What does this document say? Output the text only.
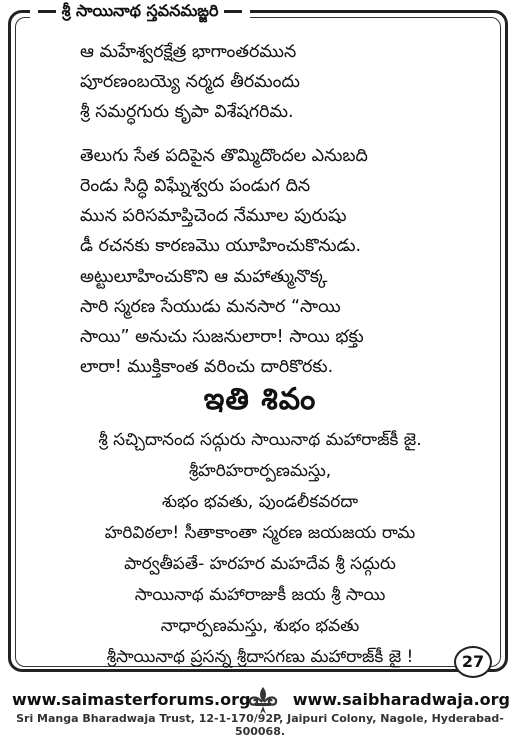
శ్రీ సాయినాథ స్తవనమఙ్జరి
ఆ మహేశ్వరక్షేత్ర భాగాంతరమున
పూరణంబయ్యె నర్మద తీరమందు
శ్రీ సమర్ధగురు కృపా విశేషగరిమ.
తెలుగు సేత పదిపైన తొమ్మిదొందల ఎనుబది
రెండు సిద్ధి విఘ్నేశ్వరు పండుగ దిన
మున పరిసమాప్తిచెంద నేమూల పురుషు
డీ రచనకు కారణమొ యూహించుకొనుడు.
అట్టులూహించుకొని ఆ మహాత్మునొక్క
సారి స్మరణ సేయుడు మనసార “సాయి
సాయి” అనుచు సుజనులారా! సాయి భక్తు
లారా! ముక్తికాంత వరించు దారికొరకు.
ఇతి శివం
శ్రీ సచ్చిదానంద సద్గురు సాయినాథ మహారాజ్‌కీ జై.
శ్రీహరిహరార్పణమస్తు,
శుభం భవతు, పుండలీకవరదా
హరివిఠలా! సీతాకాంతా స్మరణ జయజయ రామ
పార్వతీపతే- హరహర మహదేవ శ్రీ సద్గురు
సాయినాథ మహారాజుకీ జయ శ్రీ సాయి
నాధార్పణమస్తు, శుభం భవతు
శ్రీసాయినాథ ప్రసన్న శ్రీదాసగణు మహారాజ్‌కీ జై !	27
www.saimasterforums.org	www.saibharadwaja.org
Sri Manga Bharadwaja Trust, 12-1-170/92P, Jaipuri Colony, Nagole, Hyderabad-500068.
